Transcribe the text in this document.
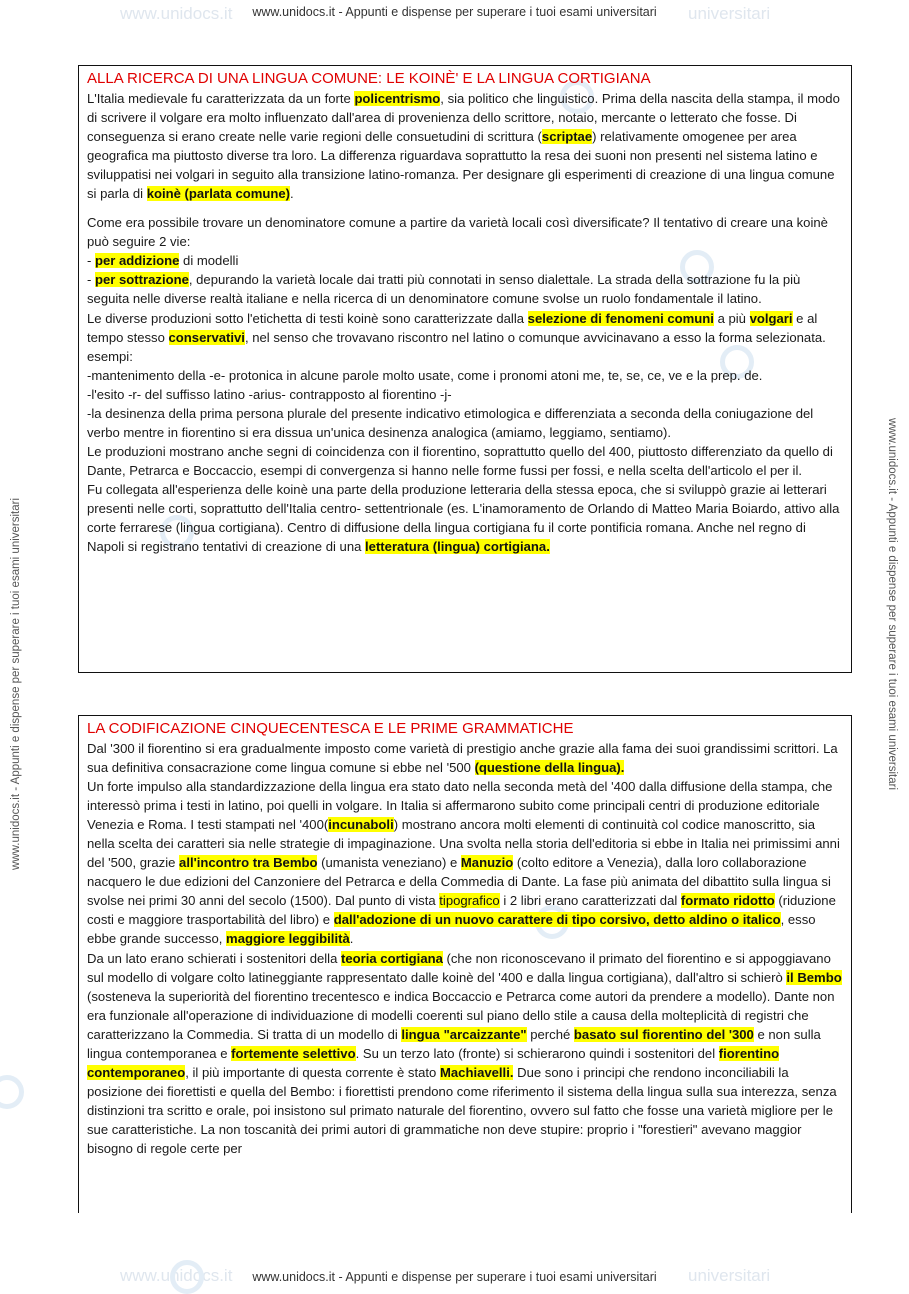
www.unidocs.it	universitari
www.unidocs.it	universitari
www.unidocs.it - Appunti e dispense per superare i tuoi esami universitari
www.unidocs.it - Appunti e dispense per superare i tuoi esami universitari	www.unidocs.it - Appunti e dispense per superare i tuoi esami universitari
ALLA RICERCA DI UNA LINGUA COMUNE: LE KOINÈ' E LA LINGUA CORTIGIANA

L'Italia medievale fu caratterizzata da un forte policentrismo, sia politico che linguistico. Prima della nascita della stampa, il modo di scrivere il volgare era molto influenzato dall'area di provenienza dello scrittore, notaio, mercante o letterato che fosse. Di conseguenza si erano create nelle varie regioni delle consuetudini di scrittura (scriptae) relativamente omogenee per area geografica ma piuttosto diverse tra loro. La differenza riguardava soprattutto la resa dei suoni non presenti nel sistema latino e sviluppatisi nei volgari in seguito alla transizione latino-romanza. Per designare gli esperimenti di creazione di una lingua comune si parla di koinè (parlata comune).

Come era possibile trovare un denominatore comune a partire da varietà locali così diversificate? Il tentativo di creare una koinè può seguire 2 vie:

- per addizione di modelli

- per sottrazione, depurando la varietà locale dai tratti più connotati in senso dialettale. La strada della sottrazione fu la più seguita nelle diverse realtà italiane e nella ricerca di un denominatore comune svolse un ruolo fondamentale il latino.

Le diverse produzioni sotto l'etichetta di testi koinè sono caratterizzate dalla selezione di fenomeni comuni a più volgari e al tempo stesso conservativi, nel senso che trovavano riscontro nel latino o comunque avvicinavano a esso la forma selezionata. esempi:

-mantenimento della -e- protonica in alcune parole molto usate, come i pronomi atoni me, te, se, ce, ve e la prep. de.

-l'esito -r- del suffisso latino -arius- contrapposto al fiorentino -j-

-la desinenza della prima persona plurale del presente indicativo etimologica e differenziata a seconda della coniugazione del verbo mentre in fiorentino si era dissua un'unica desinenza analogica (amiamo, leggiamo, sentiamo).

Le produzioni mostrano anche segni di coincidenza con il fiorentino, soprattutto quello del 400, piuttosto differenziato da quello di Dante, Petrarca e Boccaccio, esempi di convergenza si hanno nelle forme fussi per fossi, e nella scelta dell'articolo el per il.

Fu collegata all'esperienza delle koinè una parte della produzione letteraria della stessa epoca, che si sviluppò grazie ai letterari presenti nelle corti, soprattutto dell'Italia centro- settentrionale (es. L'inamoramento de Orlando di Matteo Maria Boiardo, attivo alla corte ferrarese (lingua cortigiana). Centro di diffusione della lingua cortigiana fu il corte pontificia romana. Anche nel regno di Napoli si registrano tentativi di creazione di una letteratura (lingua) cortigiana.

LA CODIFICAZIONE CINQUECENTESCA E LE PRIME GRAMMATICHE

Dal '300 il fiorentino si era gradualmente imposto come varietà di prestigio anche grazie alla fama dei suoi grandissimi scrittori. La sua definitiva consacrazione come lingua comune si ebbe nel '500 (questione della lingua).

Un forte impulso alla standardizzazione della lingua era stato dato nella seconda metà del '400 dalla diffusione della stampa, che interessò prima i testi in latino, poi quelli in volgare. In Italia si affermarono subito come principali centri di produzione editoriale Venezia e Roma. I testi stampati nel '400(incunaboli) mostrano ancora molti elementi di continuità col codice manoscritto, sia nella scelta dei caratteri sia nelle strategie di impaginazione. Una svolta nella storia dell'editoria si ebbe in Italia nei primissimi anni del '500, grazie all'incontro tra Bembo (umanista veneziano) e Manuzio (colto editore a Venezia), dalla loro collaborazione nacquero le due edizioni del Canzoniere del Petrarca e della Commedia di Dante. La fase più animata del dibattito sulla lingua si svolse nei primi 30 anni del secolo (1500). Dal punto di vista tipografico i 2 libri erano caratterizzati dal formato ridotto (riduzione costi e maggiore trasportabilità del libro) e dall'adozione di un nuovo carattere di tipo corsivo, detto aldino o italico, esso ebbe grande successo, maggiore leggibilità.

Da un lato erano schierati i sostenitori della teoria cortigiana (che non riconoscevano il primato del fiorentino e si appoggiavano sul modello di volgare colto latineggiante rappresentato dalle koinè del '400 e dalla lingua cortigiana), dall'altro si schierò il Bembo (sosteneva la superiorità del fiorentino trecentesco e indica Boccaccio e Petrarca come autori da prendere a modello). Dante non era funzionale all'operazione di individuazione di modelli coerenti sul piano dello stile a causa della molteplicità di registri che caratterizzano la Commedia. Si tratta di un modello di lingua "arcaizzante" perché basato sul fiorentino del '300 e non sulla lingua contemporanea e fortemente selettivo. Su un terzo lato (fronte) si schierarono quindi i sostenitori del fiorentino contemporaneo, il più importante di questa corrente è stato Machiavelli. Due sono i principi che rendono inconciliabili la posizione dei fiorettisti e quella del Bembo: i fiorettisti prendono come riferimento il sistema della lingua sulla sua interezza, senza distinzioni tra scritto e orale, poi insistono sul primato naturale del fiorentino, ovvero sul fatto che fosse una varietà migliore per le sue caratteristiche. La non toscanità dei primi autori di grammatiche non deve stupire: proprio i "forestieri" avevano maggior bisogno di regole certe per

www.unidocs.it - Appunti e dispense per superare i tuoi esami universitari
